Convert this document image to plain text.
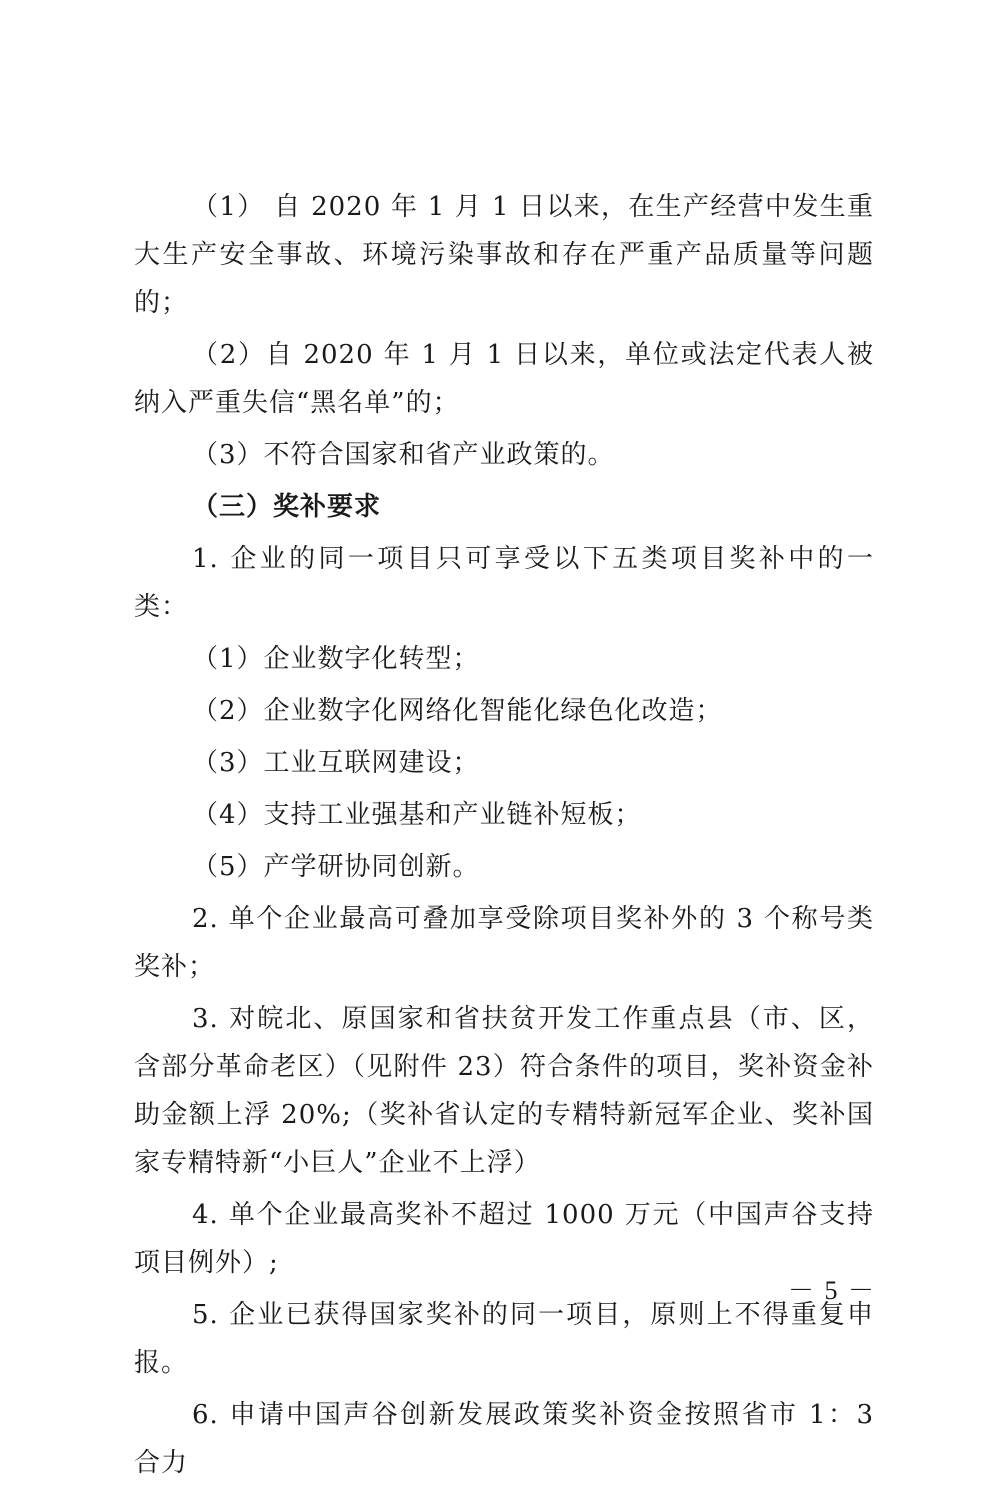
（1） 自 2020 年 1 月 1 日以来，在生产经营中发生重大生产安全事故、环境污染事故和存在严重产品质量等问题的；

（2）自 2020 年 1 月 1 日以来，单位或法定代表人被纳入严重失信“黑名单”的；

（3）不符合国家和省产业政策的。

（三）奖补要求

1. 企业的同一项目只可享受以下五类项目奖补中的一类：

（1）企业数字化转型；

（2）企业数字化网络化智能化绿色化改造；

（3）工业互联网建设；

（4）支持工业强基和产业链补短板；

（5）产学研协同创新。

2. 单个企业最高可叠加享受除项目奖补外的 3 个称号类奖补；

3. 对皖北、原国家和省扶贫开发工作重点县（市、区，含部分革命老区）（见附件 23）符合条件的项目，奖补资金补助金额上浮 20%;（奖补省认定的专精特新冠军企业、奖补国家专精特新“小巨人”企业不上浮）

4. 单个企业最高奖补不超过 1000 万元（中国声谷支持项目例外）;

5. 企业已获得国家奖补的同一项目，原则上不得重复申报。

6. 申请中国声谷创新发展政策奖补资金按照省市 1：3 合力

－ 5 －
